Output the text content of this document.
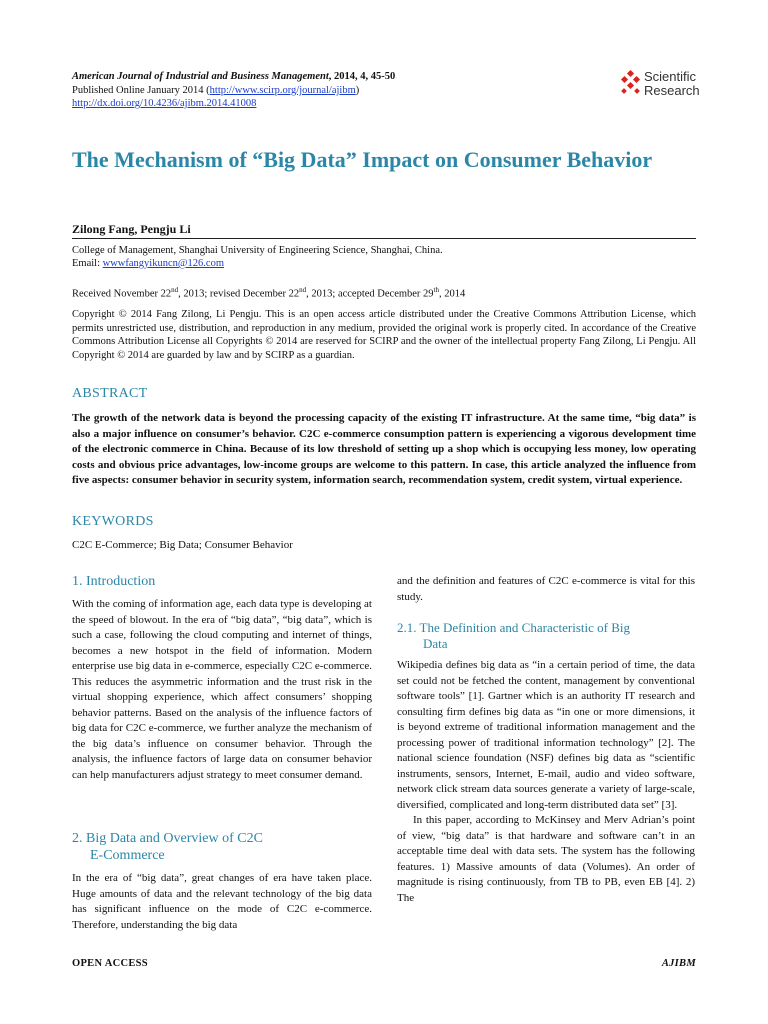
American Journal of Industrial and Business Management, 2014, 4, 45-50
Published Online January 2014 (http://www.scirp.org/journal/ajibm)
http://dx.doi.org/10.4236/ajibm.2014.41008
Scientific
Research
The Mechanism of “Big Data” Impact on Consumer Behavior
Zilong Fang, Pengju Li
College of Management, Shanghai University of Engineering Science, Shanghai, China.
Email: wwwfangyikuncn@126.com
Received November 22nd, 2013; revised December 22nd, 2013; accepted December 29th, 2014
Copyright © 2014 Fang Zilong, Li Pengju. This is an open access article distributed under the Creative Commons Attribution License, which permits unrestricted use, distribution, and reproduction in any medium, provided the original work is properly cited. In accordance of the Creative Commons Attribution License all Copyrights © 2014 are reserved for SCIRP and the owner of the intellectual property Fang Zilong, Li Pengju. All Copyright © 2014 are guarded by law and by SCIRP as a guardian.
ABSTRACT
The growth of the network data is beyond the processing capacity of the existing IT infrastructure. At the same time, “big data” is also a major influence on consumer’s behavior. C2C e-commerce consumption pattern is experiencing a vigorous development time of the electronic commerce in China. Because of its low threshold of setting up a shop which is occupying less money, low operating costs and obvious price advantages, low-income groups are welcome to this pattern. In case, this article analyzed the influence from five aspects: consumer behavior in security system, information search, recommendation system, credit system, virtual experience.
KEYWORDS
C2C E-Commerce; Big Data; Consumer Behavior
1. Introduction
With the coming of information age, each data type is developing at the speed of blowout. In the era of “big data”, “big data”, which is such a case, following the cloud computing and internet of things, becomes a new hotspot in the field of information. Modern enterprise use big data in e-commerce, especially C2C e-commerce. This reduces the asymmetric information and the trust risk in the virtual shopping experience, which affect consumers’ shopping behavior patterns. Based on the analysis of the influence factors of big data for C2C e-commerce, we further analyze the mechanism of the big data’s influence on consumer behavior. Through the analysis, the influence factors of large data on consumer behavior can help manufacturers adjust strategy to meet consumer demand.
2. Big Data and Overview of C2C
E-Commerce
In the era of “big data”, great changes of era have taken place. Huge amounts of data and the relevant technology of the big data has significant influence on the mode of C2C e-commerce. Therefore, understanding the big data
and the definition and features of C2C e-commerce is vital for this study.
2.1. The Definition and Characteristic of Big
Data

Wikipedia defines big data as “in a certain period of time, the data set could not be fetched the content, management by conventional software tools” [1]. Gartner which is an authority IT research and consulting firm defines big data as “in one or more dimensions, it is beyond extreme of traditional information management and the processing power of traditional information technology” [2]. The national science foundation (NSF) defines big data as “scientific instruments, sensors, Internet, E-mail, audio and video software, network click stream data sources generate a variety of large-scale, diversified, complicated and long-term distributed data set” [3].

In this paper, according to McKinsey and Merv Adrian’s point of view, “big data” is that hardware and software can’t in an acceptable time deal with data sets. The system has the following features. 1) Massive amounts of data (Volumes). An order of magnitude is rising continuously, from TB to PB, even EB [4]. 2) The

OPEN ACCESS	AJIBM
